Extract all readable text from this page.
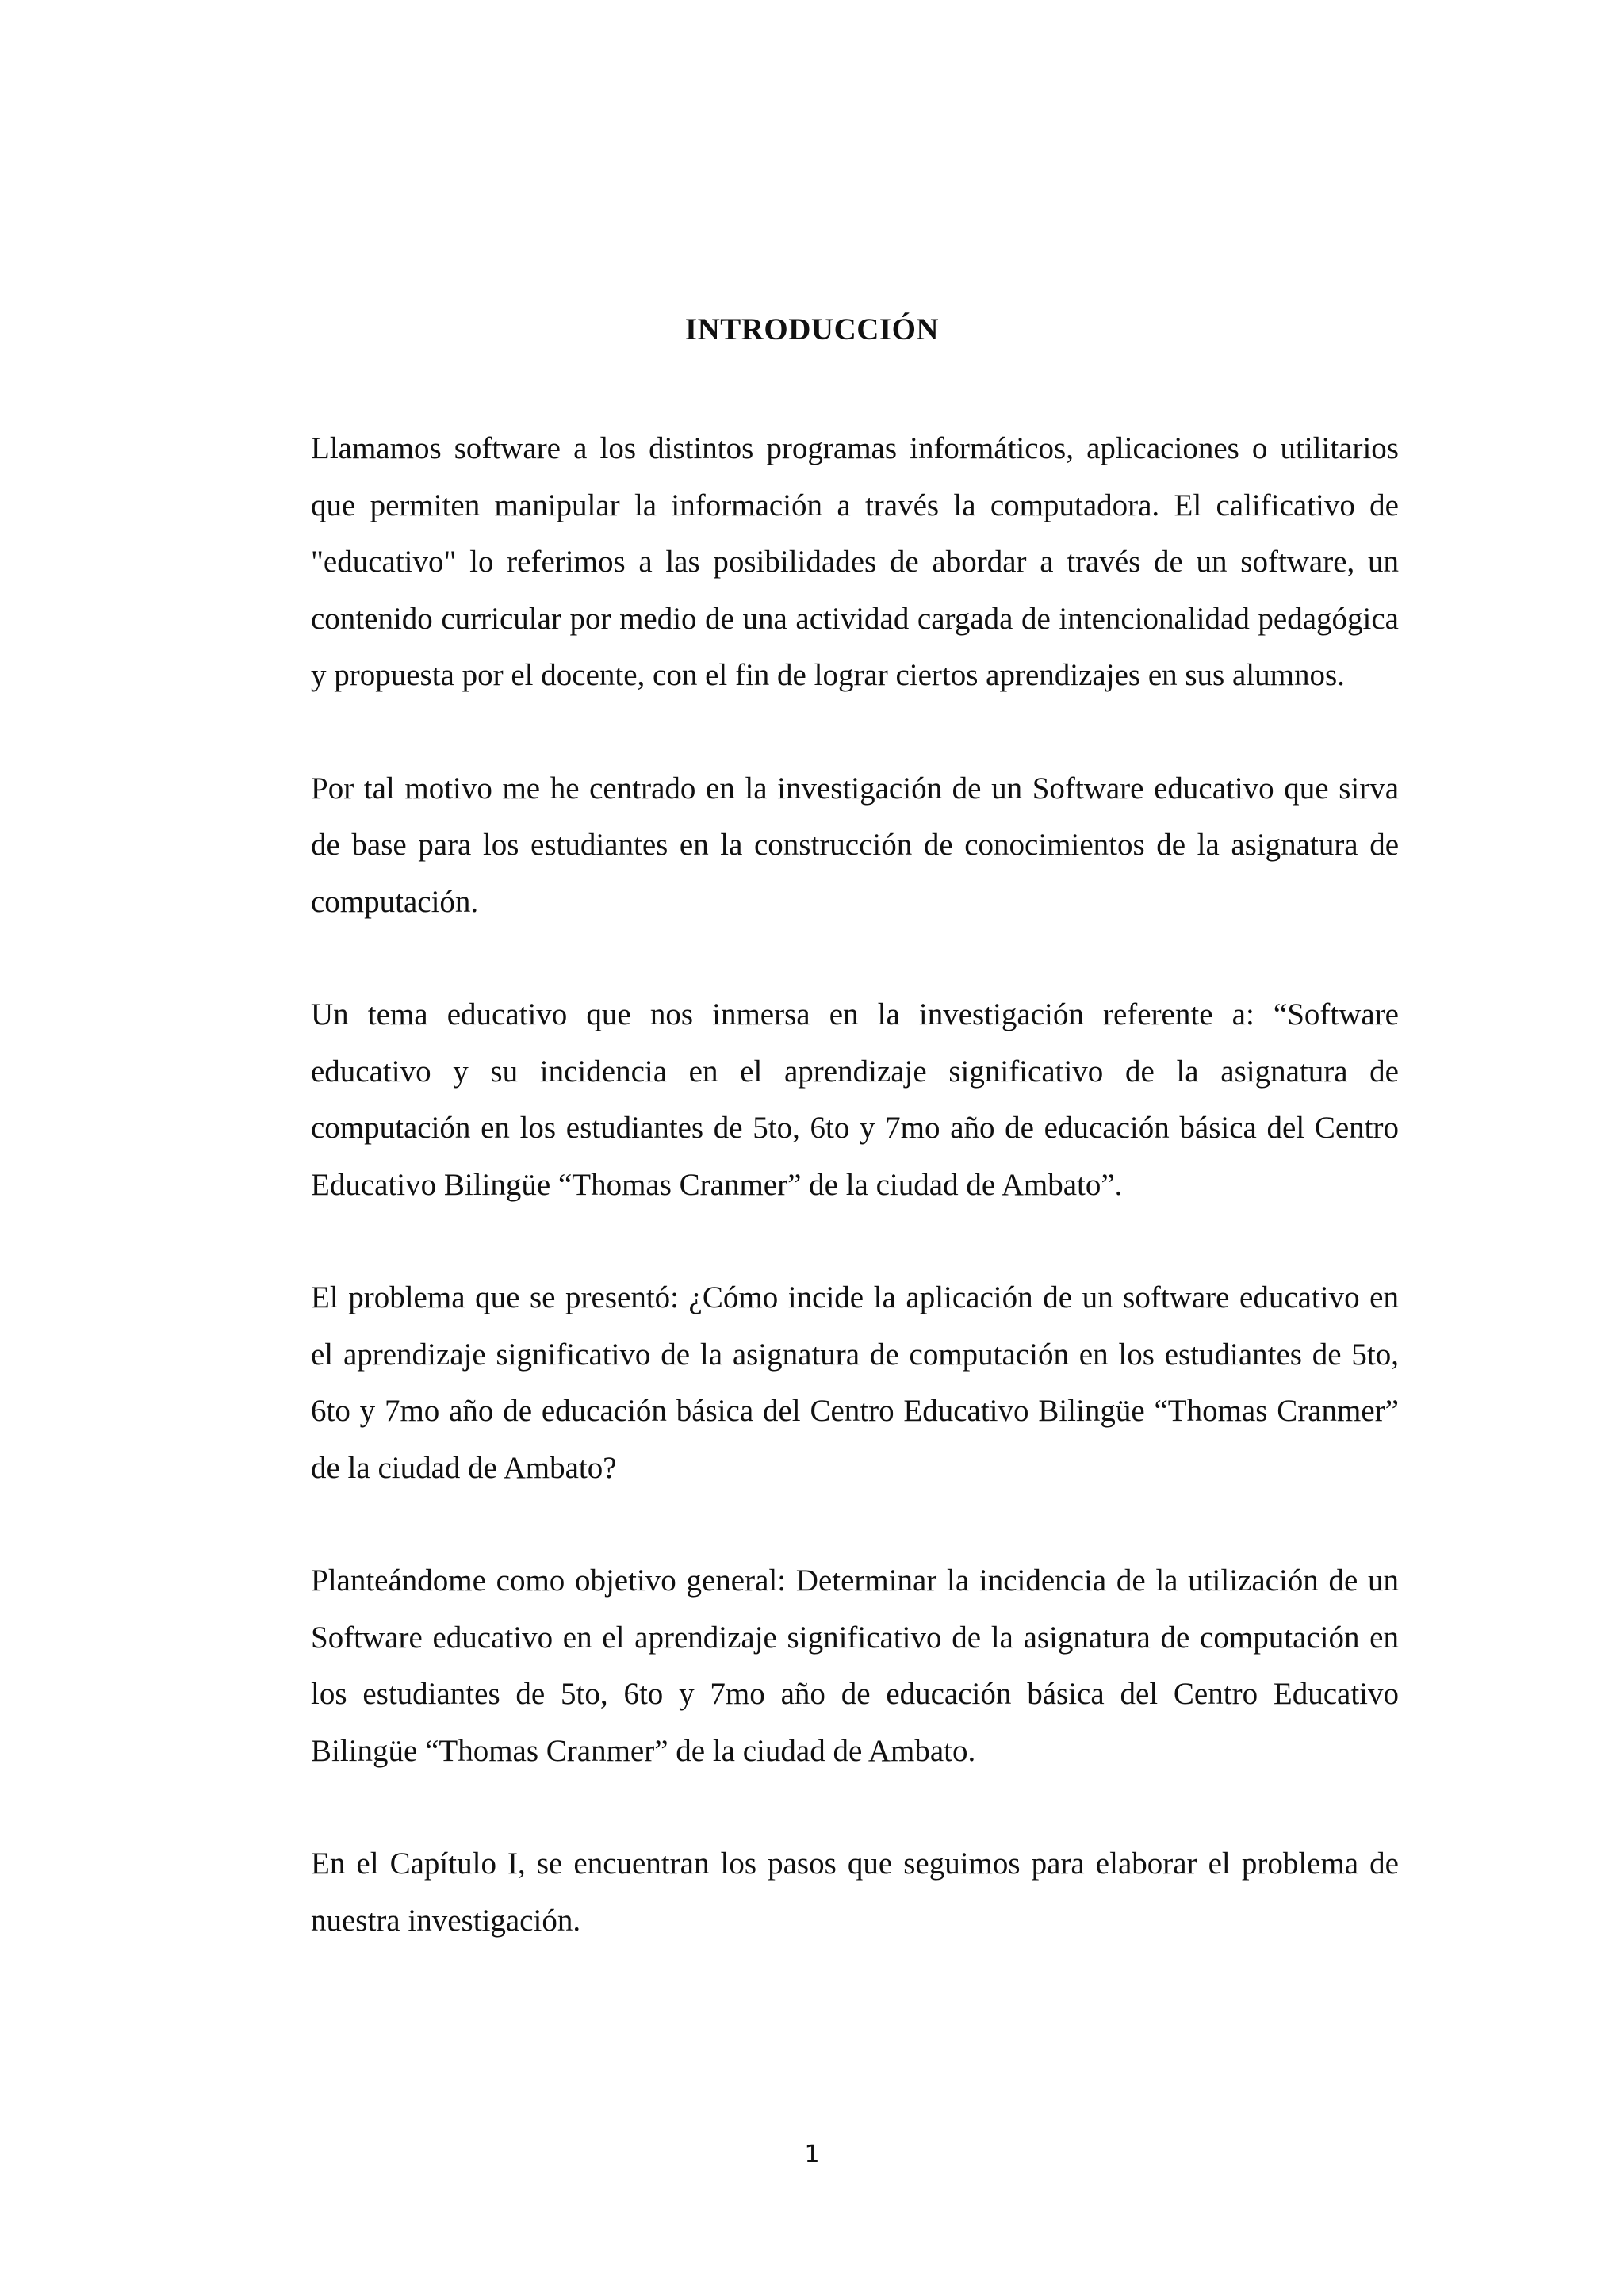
INTRODUCCIÓN

Llamamos software a los distintos programas informáticos, aplicaciones o utilitarios que permiten manipular la información a través la computadora. El calificativo de "educativo" lo referimos a las posibilidades de abordar a través de un software, un contenido curricular por medio de una actividad cargada de intencionalidad pedagógica y propuesta por el docente, con el fin de lograr ciertos aprendizajes en sus alumnos.

Por tal motivo me he centrado en la investigación de un Software educativo que sirva de base para los estudiantes en la construcción de conocimientos de la asignatura de computación.

Un tema educativo que nos inmersa en la investigación referente a: “Software educativo y su incidencia en el aprendizaje significativo de la asignatura de computación en los estudiantes de 5to, 6to y 7mo año de educación básica del Centro Educativo Bilingüe “Thomas Cranmer” de la ciudad de Ambato”.

El problema que se presentó: ¿Cómo incide la aplicación de un software educativo en el aprendizaje significativo de la asignatura de computación en los estudiantes de 5to, 6to y 7mo año de educación básica del Centro Educativo Bilingüe “Thomas Cranmer” de la ciudad de Ambato?

Planteándome como objetivo general: Determinar la incidencia de la utilización de un Software educativo en el aprendizaje significativo de la asignatura de computación en los estudiantes de 5to, 6to y 7mo año de educación básica del Centro Educativo Bilingüe “Thomas Cranmer” de la ciudad de Ambato.

En el Capítulo I, se encuentran los pasos que seguimos para elaborar el problema de nuestra investigación.

1
